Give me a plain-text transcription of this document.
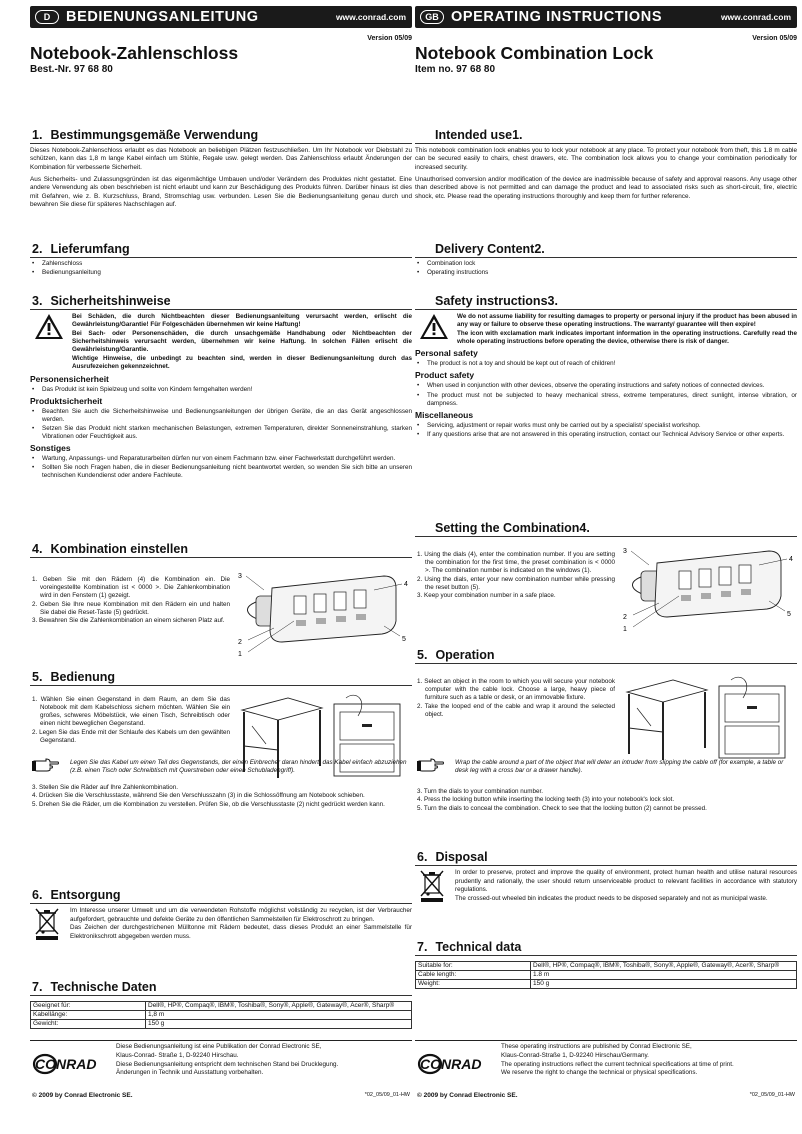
D	BEDIENUNGSANLEITUNG	www.conrad.com	GB OPERATING INSTRUCTIONS	www.conrad.com
Version 05/09
Notebook-Zahlenschloss
Best.-Nr. 97 68 80
1. Bestimmungsgemäße Verwendung

Dieses Notebook-Zahlenschloss erlaubt es das Notebook an beliebigen Plätzen festzuschließen. Um Ihr Notebook vor Diebstahl zu schützen, kann das 1,8 m lange Kabel einfach um Stühle, Regale usw. gelegt werden. Das Zahlenschloss erlaubt Änderungen der Kombination für verbesserte Sicherheit.

Aus Sicherheits- und Zulassungsgründen ist das eigenmächtige Umbauen und/oder Verändern des Produktes nicht gestattet. Eine andere Verwendung als oben beschrieben ist nicht erlaubt und kann zur Beschädigung des Produkts führen. Darüber hinaus ist dies mit Gefahren, wie z. B. Kurzschluss, Brand, Stromschlag usw. verbunden. Lesen Sie die Bedienungsanleitung genau durch und bewahren Sie diese für späteres Nachschlagen auf.

2. Lieferumfang
• Zahlenschloss
• Bedienungsanleitung
3. Sicherheitshinweise
Bei Schäden, die durch Nichtbeachten dieser Bedienungsanleitung verursacht werden, erlischt die Gewährleistung/Garantie! Für Folgeschäden übernehmen wir keine Haftung!
Bei Sach- oder Personenschäden, die durch unsachgemäße Handhabung oder Nichtbeachten der Sicherheitshinweis verursacht werden, übernehmen wir keine Haftung. In solchen Fällen erlischt die Gewährleistung/Garantie.
Wichtige Hinweise, die unbedingt zu beachten sind, werden in dieser Bedienungsanleitung durch das Ausrufezeichen gekennzeichnet.
Personensicherheit
• Das Produkt ist kein Spielzeug und sollte von Kindern ferngehalten werden!
Produktsicherheit
• Beachten Sie auch die Sicherheitshinweise und Bedienungsanleitungen der übrigen Geräte, die an das Gerät angeschlossen werden.
• Setzen Sie das Produkt nicht starken mechanischen Belastungen, extremen Temperaturen, direkter Sonneneinstrahlung, starken Vibrationen oder Feuchtigkeit aus.
Sonstiges
• Wartung, Anpassungs- und Reparaturarbeiten dürfen nur von einem Fachmann bzw. einer Fachwerkstatt durchgeführt werden.
• Sollten Sie noch Fragen haben, die in dieser Bedienungsanleitung nicht beantwortet werden, so wenden Sie sich bitte an unseren technischen Kundendienst oder andere Fachleute.
4. Kombination einstellen
1. Geben Sie mit den Rädern (4) die Kombination ein. Die voreingestellte Kombination ist < 0000 >. Die Zahlenkombination wird in den Fenstern (1) gezeigt.
2. Geben Sie Ihre neue Kombination mit den Rädern ein und halten Sie dabei die Reset-Taste (5) gedrückt.
3. Bewahren Sie die Zahlenkombination an einem sicheren Platz auf.
3
4
2
1
5
5. Bedienung
1. Wählen Sie einen Gegenstand in dem Raum, an dem Sie das Notebook mit dem Kabelschloss sichern möchten. Wählen Sie ein großes, schweres Möbelstück, wie einen Tisch, Schreibtisch oder einen nicht beweglichen Gegenstand.
2. Legen Sie das Ende mit der Schlaufe des Kabels um den gewählten Gegenstand.
Legen Sie das Kabel um einen Teil des Gegenstands, der einen Einbrecher daran hindert, das Kabel einfach abzuziehen (z.B. einen Tisch oder Schreibtisch mit Querstreben oder einen Schubladengriff).
3. Stellen Sie die Räder auf Ihre Zahlenkombination.
4. Drücken Sie die Verschlusstaste, während Sie den Verschlusszahn (3) in die Schlossöffnung am Notebook schieben.
5. Drehen Sie die Räder, um die Kombination zu verstellen. Prüfen Sie, ob die Verschlusstaste (2) nicht gedrückt werden kann.
6. Entsorgung
Im Interesse unserer Umwelt und um die verwendeten Rohstoffe möglichst vollständig zu recyclen, ist der Verbraucher aufgefordert, gebrauchte und defekte Geräte zu den öffentlichen Sammelstellen für Elektroschrott zu bringen.
Das Zeichen der durchgestrichenen Mülltonne mit Rädern bedeutet, dass dieses Produkt an einer Sammelstelle für Elektronikschrott abgegeben werden muss.
7. Technische Daten
Geeignet für:	Dell®, HP®, Compaq®, IBM®, Toshiba®, Sony®, Apple®, Gateway®, Acer®, Sharp®
Kabellänge:	1,8 m
Gewicht:	150 g
CONRAD
Diese Bedienungsanleitung ist eine Publikation der Conrad Electronic SE,
Klaus-Conrad- Straße 1, D-92240 Hirschau.
Diese Bedienungsanleitung entspricht dem technischen Stand bei Drucklegung.
Änderungen in Technik und Ausstattung vorbehalten.
© 2009 by Conrad Electronic SE.	*02_05/09_01-HW
Version 05/09
Notebook Combination Lock
Item no. 97 68 80
Intended use1.

This notebook combination lock enables you to lock your notebook at any place. To protect your notebook from theft, this 1.8 m cable can be secured easily to chairs, chest drawers, etc. The combination lock allows you to change your combination periodically for increased security.

Unauthorised conversion and/or modification of the device are inadmissible because of safety and approval reasons. Any usage other than described above is not permitted and can damage the product and lead to associated risks such as short-circuit, fire, electric shock, etc. Please read the operating instructions thoroughly and keep them for further reference.

Delivery Content2.
• Combination lock
• Operating instructions
Safety instructions3.
We do not assume liability for resulting damages to property or personal injury if the product has been abused in any way or failure to observe these operating instructions. The warranty/ guarantee will then expire!
The icon with exclamation mark indicates important information in the operating instructions. Carefully read the whole operating instructions before operating the device, otherwise there is risk of danger.
Personal safety
• The product is not a toy and should be kept out of reach of children!
Product safety
• When used in conjunction with other devices, observe the operating instructions and safety notices of connected devices.
• The product must not be subjected to heavy mechanical stress, extreme temperatures, direct sunlight, intense vibration, or dampness.
Miscellaneous
• Servicing, adjustment or repair works must only be carried out by a specialist/ specialist workshop.
• If any questions arise that are not answered in this operating instruction, contact our Technical Advisory Service or other experts.
Setting the Combination4.
1. Using the dials (4), enter the combination number. If you are setting the combination for the first time, the preset combination is < 0000 >. The combination number is indicated on the windows (1).
2. Using the dials, enter your new combination number while pressing the reset button (5).
3. Keep your combination number in a safe place.
3
4
2
1
5
5. Operation
1. Select an object in the room to which you will secure your notebook computer with the cable lock. Choose a large, heavy piece of furniture such as a table or desk, or an immovable fixture.
2. Take the looped end of the cable and wrap it around the selected object.
Wrap the cable around a part of the object that will deter an intruder from slipping the cable off (for example, a table or desk leg with a cross bar or a drawer handle).
3. Turn the dials to your combination number.
4. Press the locking button while inserting the locking teeth (3) into your notebook's lock slot.
5. Turn the dials to conceal the combination. Check to see that the locking button (2) cannot be pressed.
6. Disposal
In order to preserve, protect and improve the quality of environment, protect human health and utilise natural resources prudently and rationally, the user should return unserviceable product to relevant facilities in accordance with statutory regulations.
The crossed-out wheeled bin indicates the product needs to be disposed separately and not as municipal waste.
7. Technical data
Suitable for:	Dell®, HP®, Compaq®, IBM®, Toshiba®, Sony®, Apple®, Gateway®, Acer®, Sharp®
Cable length:	1.8 m
Weight:	150 g
CONRAD
These operating instructions are published by Conrad Electronic SE,
Klaus-Conrad-Straße 1, D-92240 Hirschau/Germany.
The operating instructions reflect the current technical specifications at time of print.
We reserve the right to change the technical or physical specifications.
© 2009 by Conrad Electronic SE.	*02_05/09_01-HW
